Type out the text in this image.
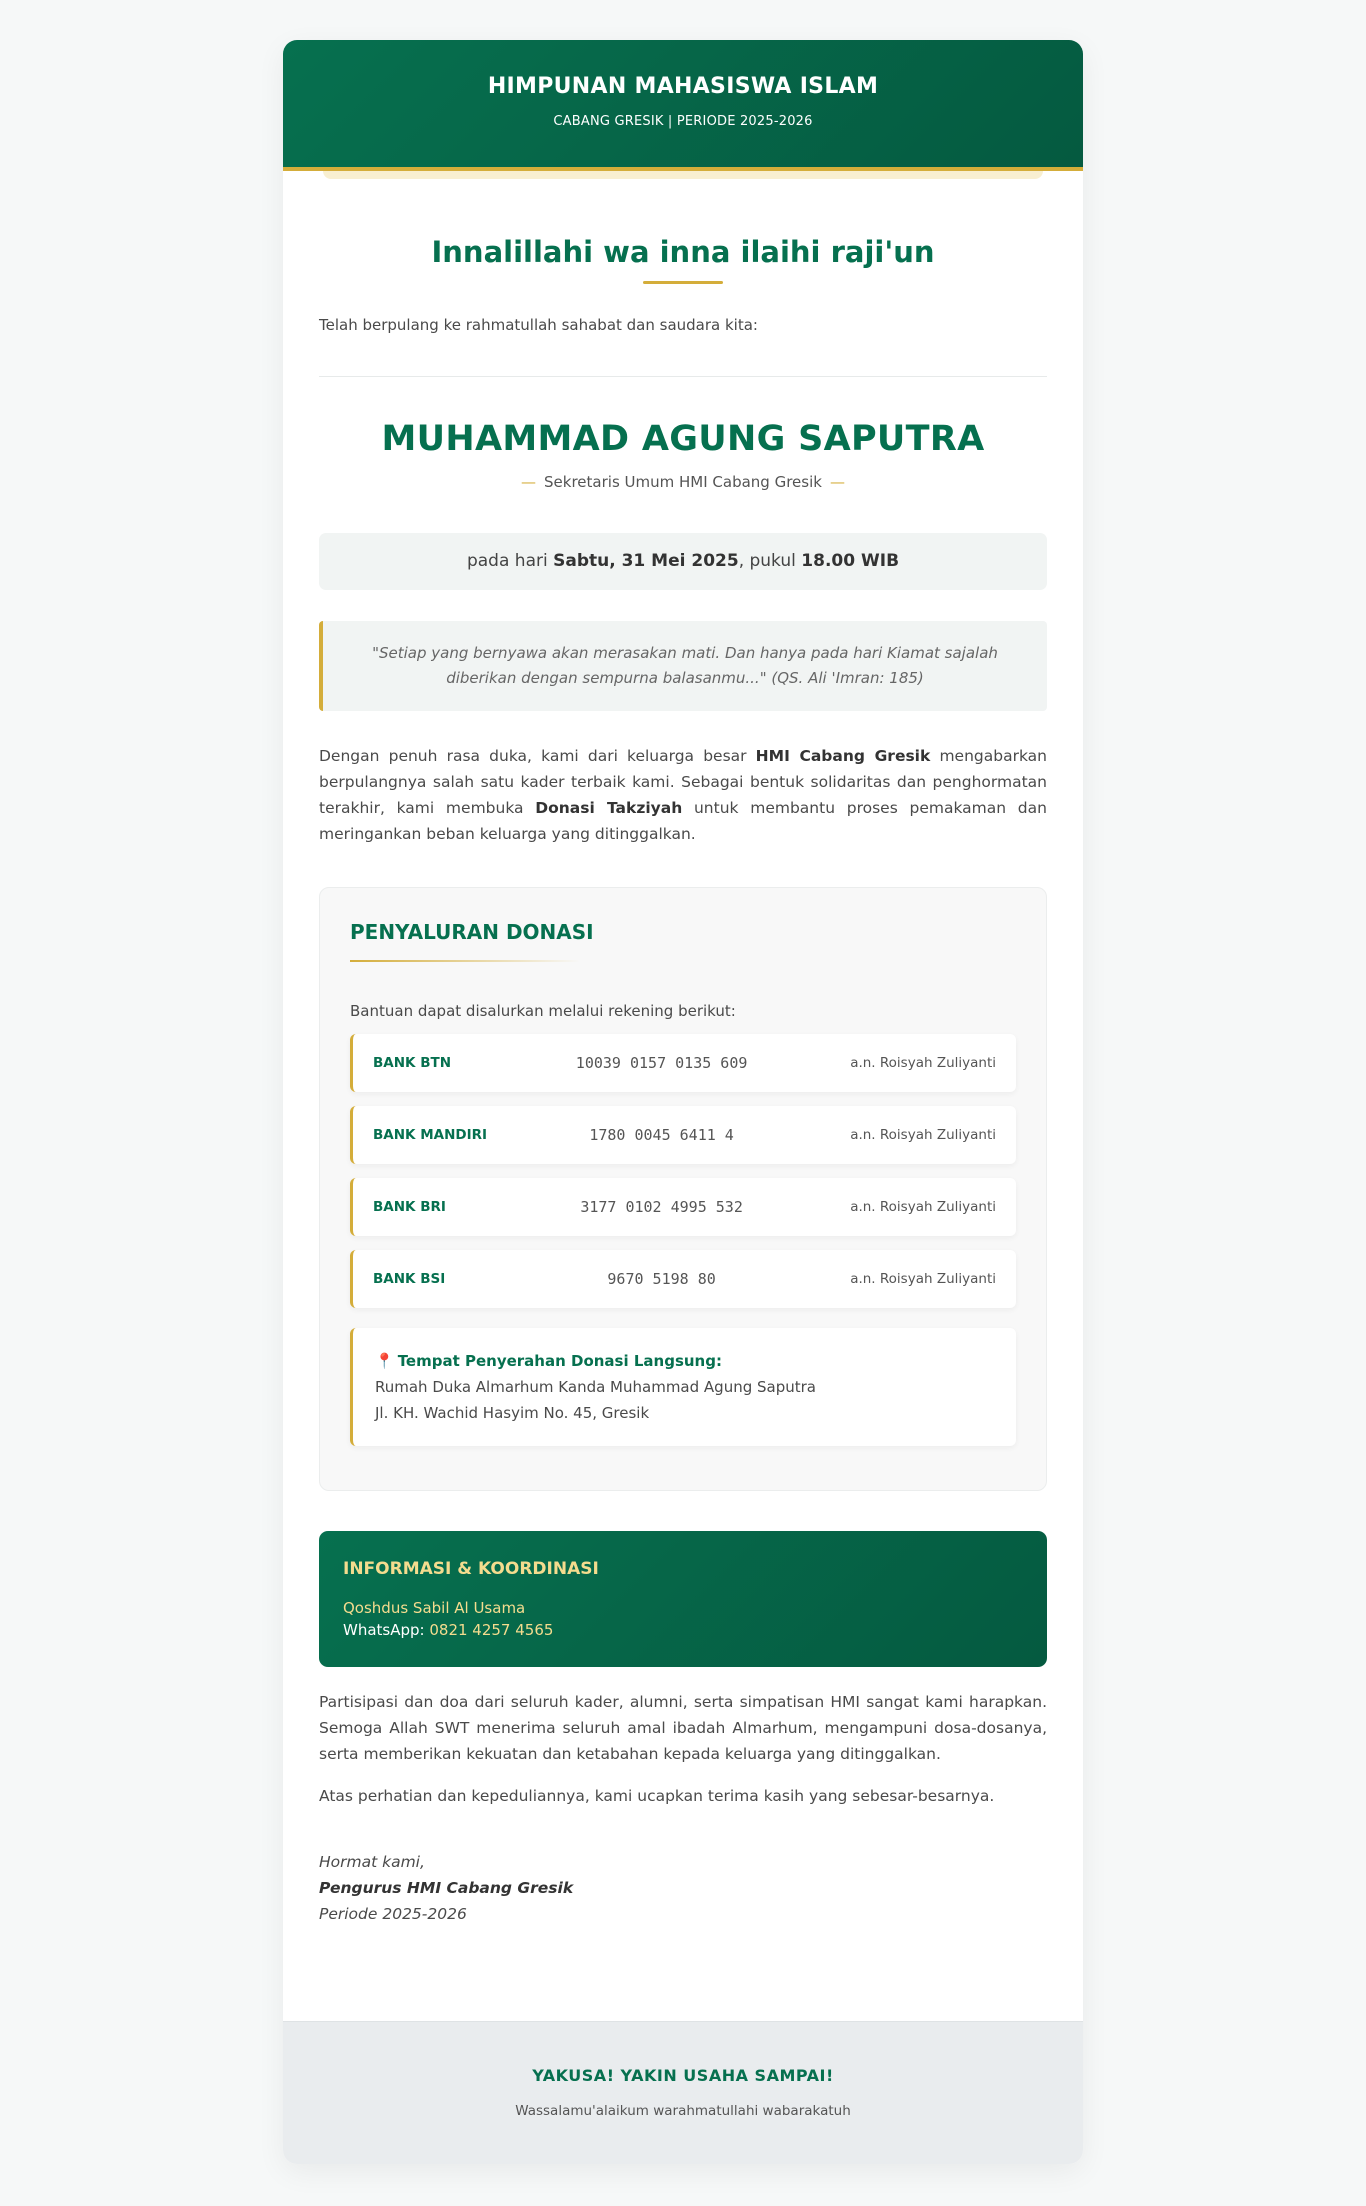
HIMPUNAN MAHASISWA ISLAM
CABANG GRESIK | PERIODE 2025-2026
Innalillahi wa inna ilaihi raji'un

Telah berpulang ke rahmatullah sahabat dan saudara kita:

MUHAMMAD AGUNG SAPUTRA
— Sekretaris Umum HMI Cabang Gresik —
pada hari Sabtu, 31 Mei 2025, pukul 18.00 WIB
"Setiap yang bernyawa akan merasakan mati. Dan hanya pada hari Kiamat sajalah diberikan dengan sempurna balasanmu..." (QS. Ali 'Imran: 185)

Dengan penuh rasa duka, kami dari keluarga besar HMI Cabang Gresik mengabarkan berpulangnya salah satu kader terbaik kami. Sebagai bentuk solidaritas dan penghormatan terakhir, kami membuka Donasi Takziyah untuk membantu proses pemakaman dan meringankan beban keluarga yang ditinggalkan.

PENYALURAN DONASI

Bantuan dapat disalurkan melalui rekening berikut:

BANK BTN	10039 0157 0135 609	a.n. Roisyah Zuliyanti
BANK MANDIRI	1780 0045 6411 4	a.n. Roisyah Zuliyanti
BANK BRI	3177 0102 4995 532	a.n. Roisyah Zuliyanti
BANK BSI	9670 5198 80	a.n. Roisyah Zuliyanti
📍 Tempat Penyerahan Donasi Langsung:
Rumah Duka Almarhum Kanda Muhammad Agung Saputra
Jl. KH. Wachid Hasyim No. 45, Gresik
INFORMASI & KOORDINASI
Qoshdus Sabil Al Usama
WhatsApp: 0821 4257 4565

Partisipasi dan doa dari seluruh kader, alumni, serta simpatisan HMI sangat kami harapkan. Semoga Allah SWT menerima seluruh amal ibadah Almarhum, mengampuni dosa-dosanya, serta memberikan kekuatan dan ketabahan kepada keluarga yang ditinggalkan.

Atas perhatian dan kepeduliannya, kami ucapkan terima kasih yang sebesar-besarnya.

Hormat kami,
Pengurus HMI Cabang Gresik
Periode 2025-2026
YAKUSA! YAKIN USAHA SAMPAI!
Wassalamu'alaikum warahmatullahi wabarakatuh
